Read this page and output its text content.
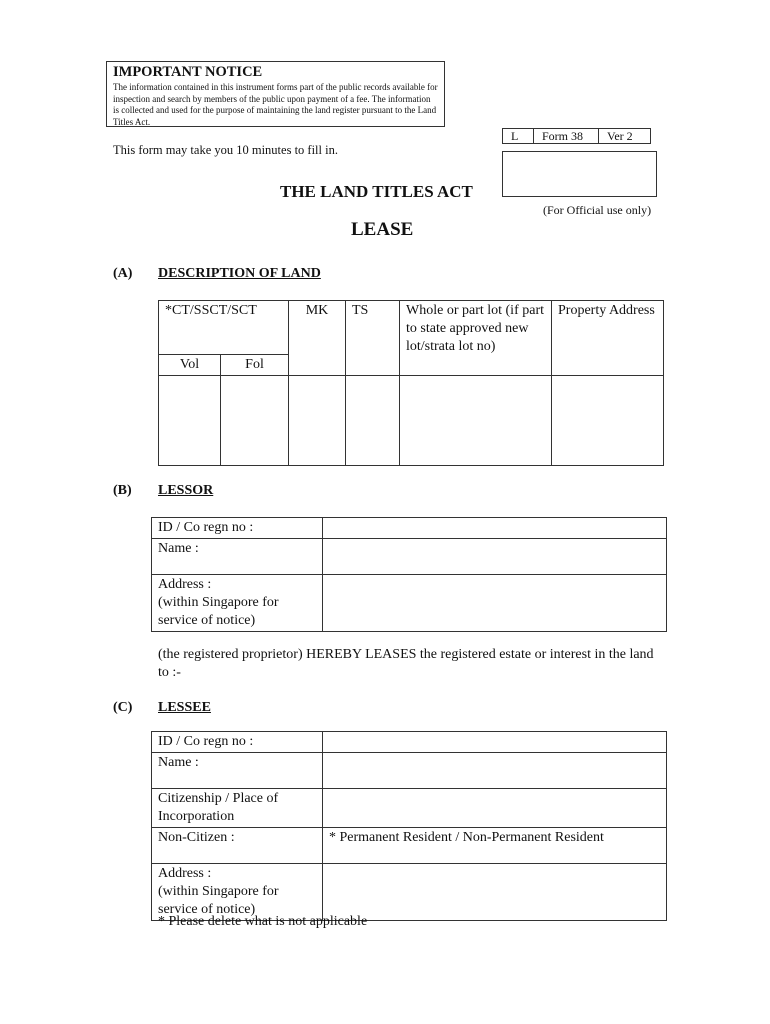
IMPORTANT NOTICE
The information contained in this instrument forms part of the public records available for inspection and search by members of the public upon payment of a fee. The information is collected and used for the purpose of maintaining the land register pursuant to the Land Titles Act.
L	Form 38	Ver 2
(For Official use only)
This form may take you 10 minutes to fill in.
THE LAND TITLES ACT
LEASE
(A) DESCRIPTION OF LAND
*CT/SSCT/SCT		MK	TS	Whole or part lot (if part to state approved new lot/strata lot no)	Property Address
Vol	Fol				

(B) LESSOR
ID / Co regn no :	
Name :	
Address :
(within Singapore for
service of notice)	
(the registered proprietor) HEREBY LEASES the registered estate or interest in the land to :-
(C) LESSEE
ID / Co regn no :	
Name :	
Citizenship / Place of Incorporation	
Non-Citizen :	* Permanent Resident / Non-Permanent Resident
Address :
(within Singapore for
service of notice)	
* Please delete what is not applicable
